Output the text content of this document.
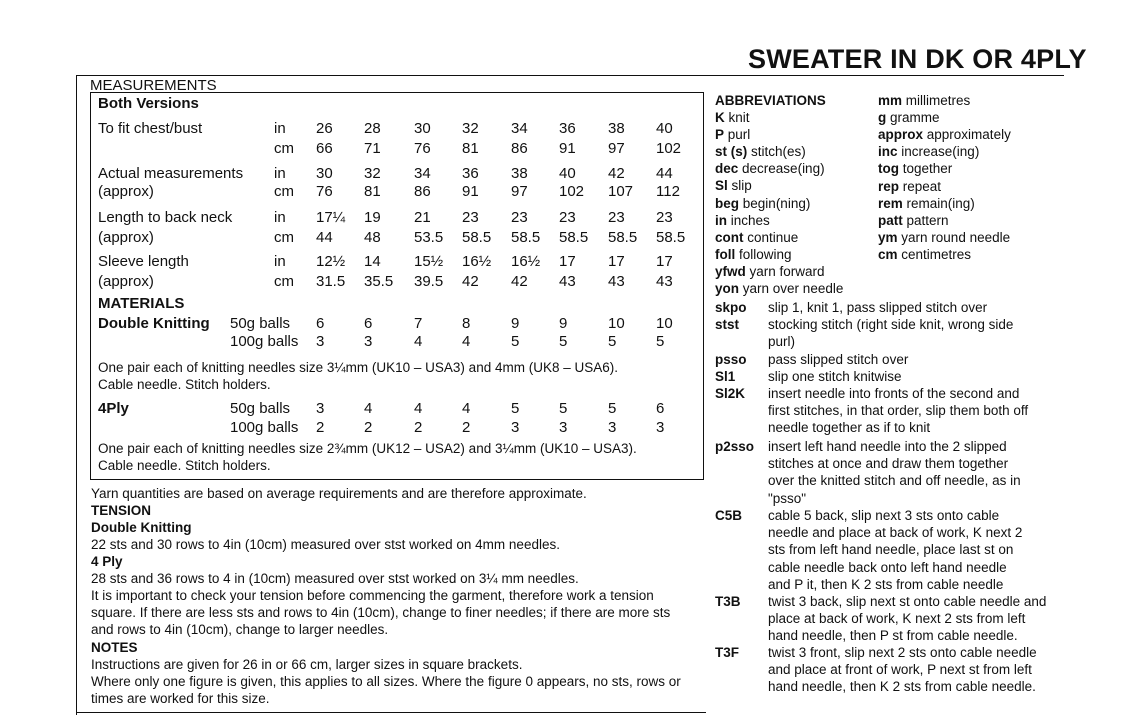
SWEATER IN DK OR 4PLY
MEASUREMENTS
Both Versions
To fit chest/bust	in 26 28 30 32 34 36 38 40
cm 66 71 76 81 86 91 97 102
Actual measurements in 30 32 34 36 38 40 42 44
(approx)	cm 76 81 86 91 97 102 107 112
Length to back neck	in 17¼ 19 21 23 23 23 23 23
(approx)	cm 44 48 53.5 58.5 58.5 58.5 58.5 58.5
Sleeve length	in 12½ 14 15½ 16½ 16½ 17 17 17
(approx)	cm 31.5 35.5 39.5 42 42 43 43 43
MATERIALS
Double Knitting 50g balls 6	6	7	8	9	9	10 10
100g balls 3	3	4	4	5	5	5	5
One pair each of knitting needles size 3¼mm (UK10 – USA3) and 4mm (UK8 – USA6).
Cable needle. Stitch holders.
4Ply	50g balls 3	4	4	4	5	5	5	6
100g balls 2	2	2	2	3	3	3	3
One pair each of knitting needles size 2¾mm (UK12 – USA2) and 3¼mm (UK10 – USA3).
Cable needle. Stitch holders.
Yarn quantities are based on average requirements and are therefore approximate.
TENSION
Double Knitting
22 sts and 30 rows to 4in (10cm) measured over stst worked on 4mm needles.
4 Ply
28 sts and 36 rows to 4 in (10cm) measured over stst worked on 3¼ mm needles.
It is important to check your tension before commencing the garment, therefore work a tension
square. If there are less sts and rows to 4in (10cm), change to finer needles; if there are more sts
and rows to 4in (10cm), change to larger needles.
NOTES
Instructions are given for 26 in or 66 cm, larger sizes in square brackets.
Where only one figure is given, this applies to all sizes. Where the figure 0 appears, no sts, rows or
times are worked for this size.
ABBREVIATIONS
K knit
P purl
st (s) stitch(es)
dec decrease(ing)
Sl slip
beg begin(ning)
in inches
cont continue
foll following
yfwd yarn forward
yon yarn over needle
mm millimetres
g gramme
approx approximately
inc increase(ing)
tog together
rep repeat
rem remain(ing)
patt pattern
ym yarn round needle
cm centimetres
skpo slip 1, knit 1, pass slipped stitch over
stst stocking stitch (right side knit, wrong side
purl)
psso pass slipped stitch over
Sl1 slip one stitch knitwise
Sl2K insert needle into fronts of the second and
first stitches, in that order, slip them both off
needle together as if to knit
p2sso insert left hand needle into the 2 slipped
stitches at once and draw them together
over the knitted stitch and off needle, as in
"psso"
C5B cable 5 back, slip next 3 sts onto cable
needle and place at back of work, K next 2
sts from left hand needle, place last st on
cable needle back onto left hand needle
and P it, then K 2 sts from cable needle
T3B twist 3 back, slip next st onto cable needle and
place at back of work, K next 2 sts from left
hand needle, then P st from cable needle.
T3F twist 3 front, slip next 2 sts onto cable needle
and place at front of work, P next st from left
hand needle, then K 2 sts from cable needle.
